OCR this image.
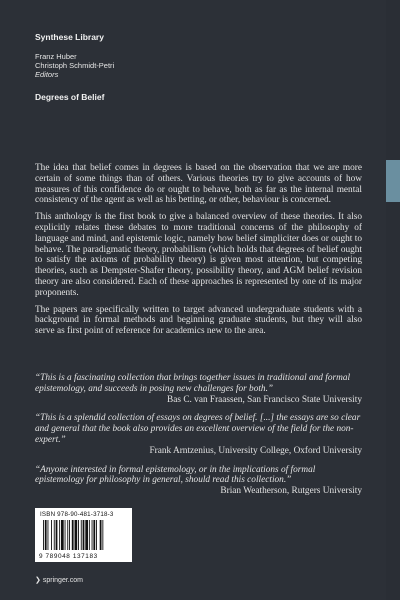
Synthese Library
Franz Huber
Christoph Schmidt-Petri
Editors
Degrees of Belief

The idea that belief comes in degrees is based on the observation that we are more certain of some things than of others. Various theories try to give accounts of how measures of this confidence do or ought to behave, both as far as the internal mental consistency of the agent as well as his betting, or other, behaviour is concerned.

This anthology is the first book to give a balanced overview of these theories. It also explicitly relates these debates to more traditional concerns of the philosophy of language and mind, and epistemic logic, namely how belief simpliciter does or ought to behave. The paradigmatic theory, probabilism (which holds that degrees of belief ought to satisfy the axioms of probability theory) is given most attention, but competing theories, such as Dempster-Shafer theory, possibility theory, and AGM belief revision theory are also considered. Each of these approaches is represented by one of its major proponents.

The papers are specifically written to target advanced undergraduate students with a background in formal methods and beginning graduate students, but they will also serve as first point of reference for academics new to the area.

“This is a fascinating collection that brings together issues in traditional and formal epistemology, and succeeds in posing new challenges for both.”
Bas C. van Fraassen, San Francisco State University
“This is a splendid collection of essays on degrees of belief. [...] the essays are so clear and general that the book also provides an excellent overview of the field for the non-expert.”
Frank Arntzenius, University College, Oxford University
“Anyone interested in formal epistemology, or in the implications of formal epistemology for philosophy in general, should read this collection.”
Brian Weatherson, Rutgers University
ISBN 978-90-481-3718-3
9 789048 137183
❯ springer.com
